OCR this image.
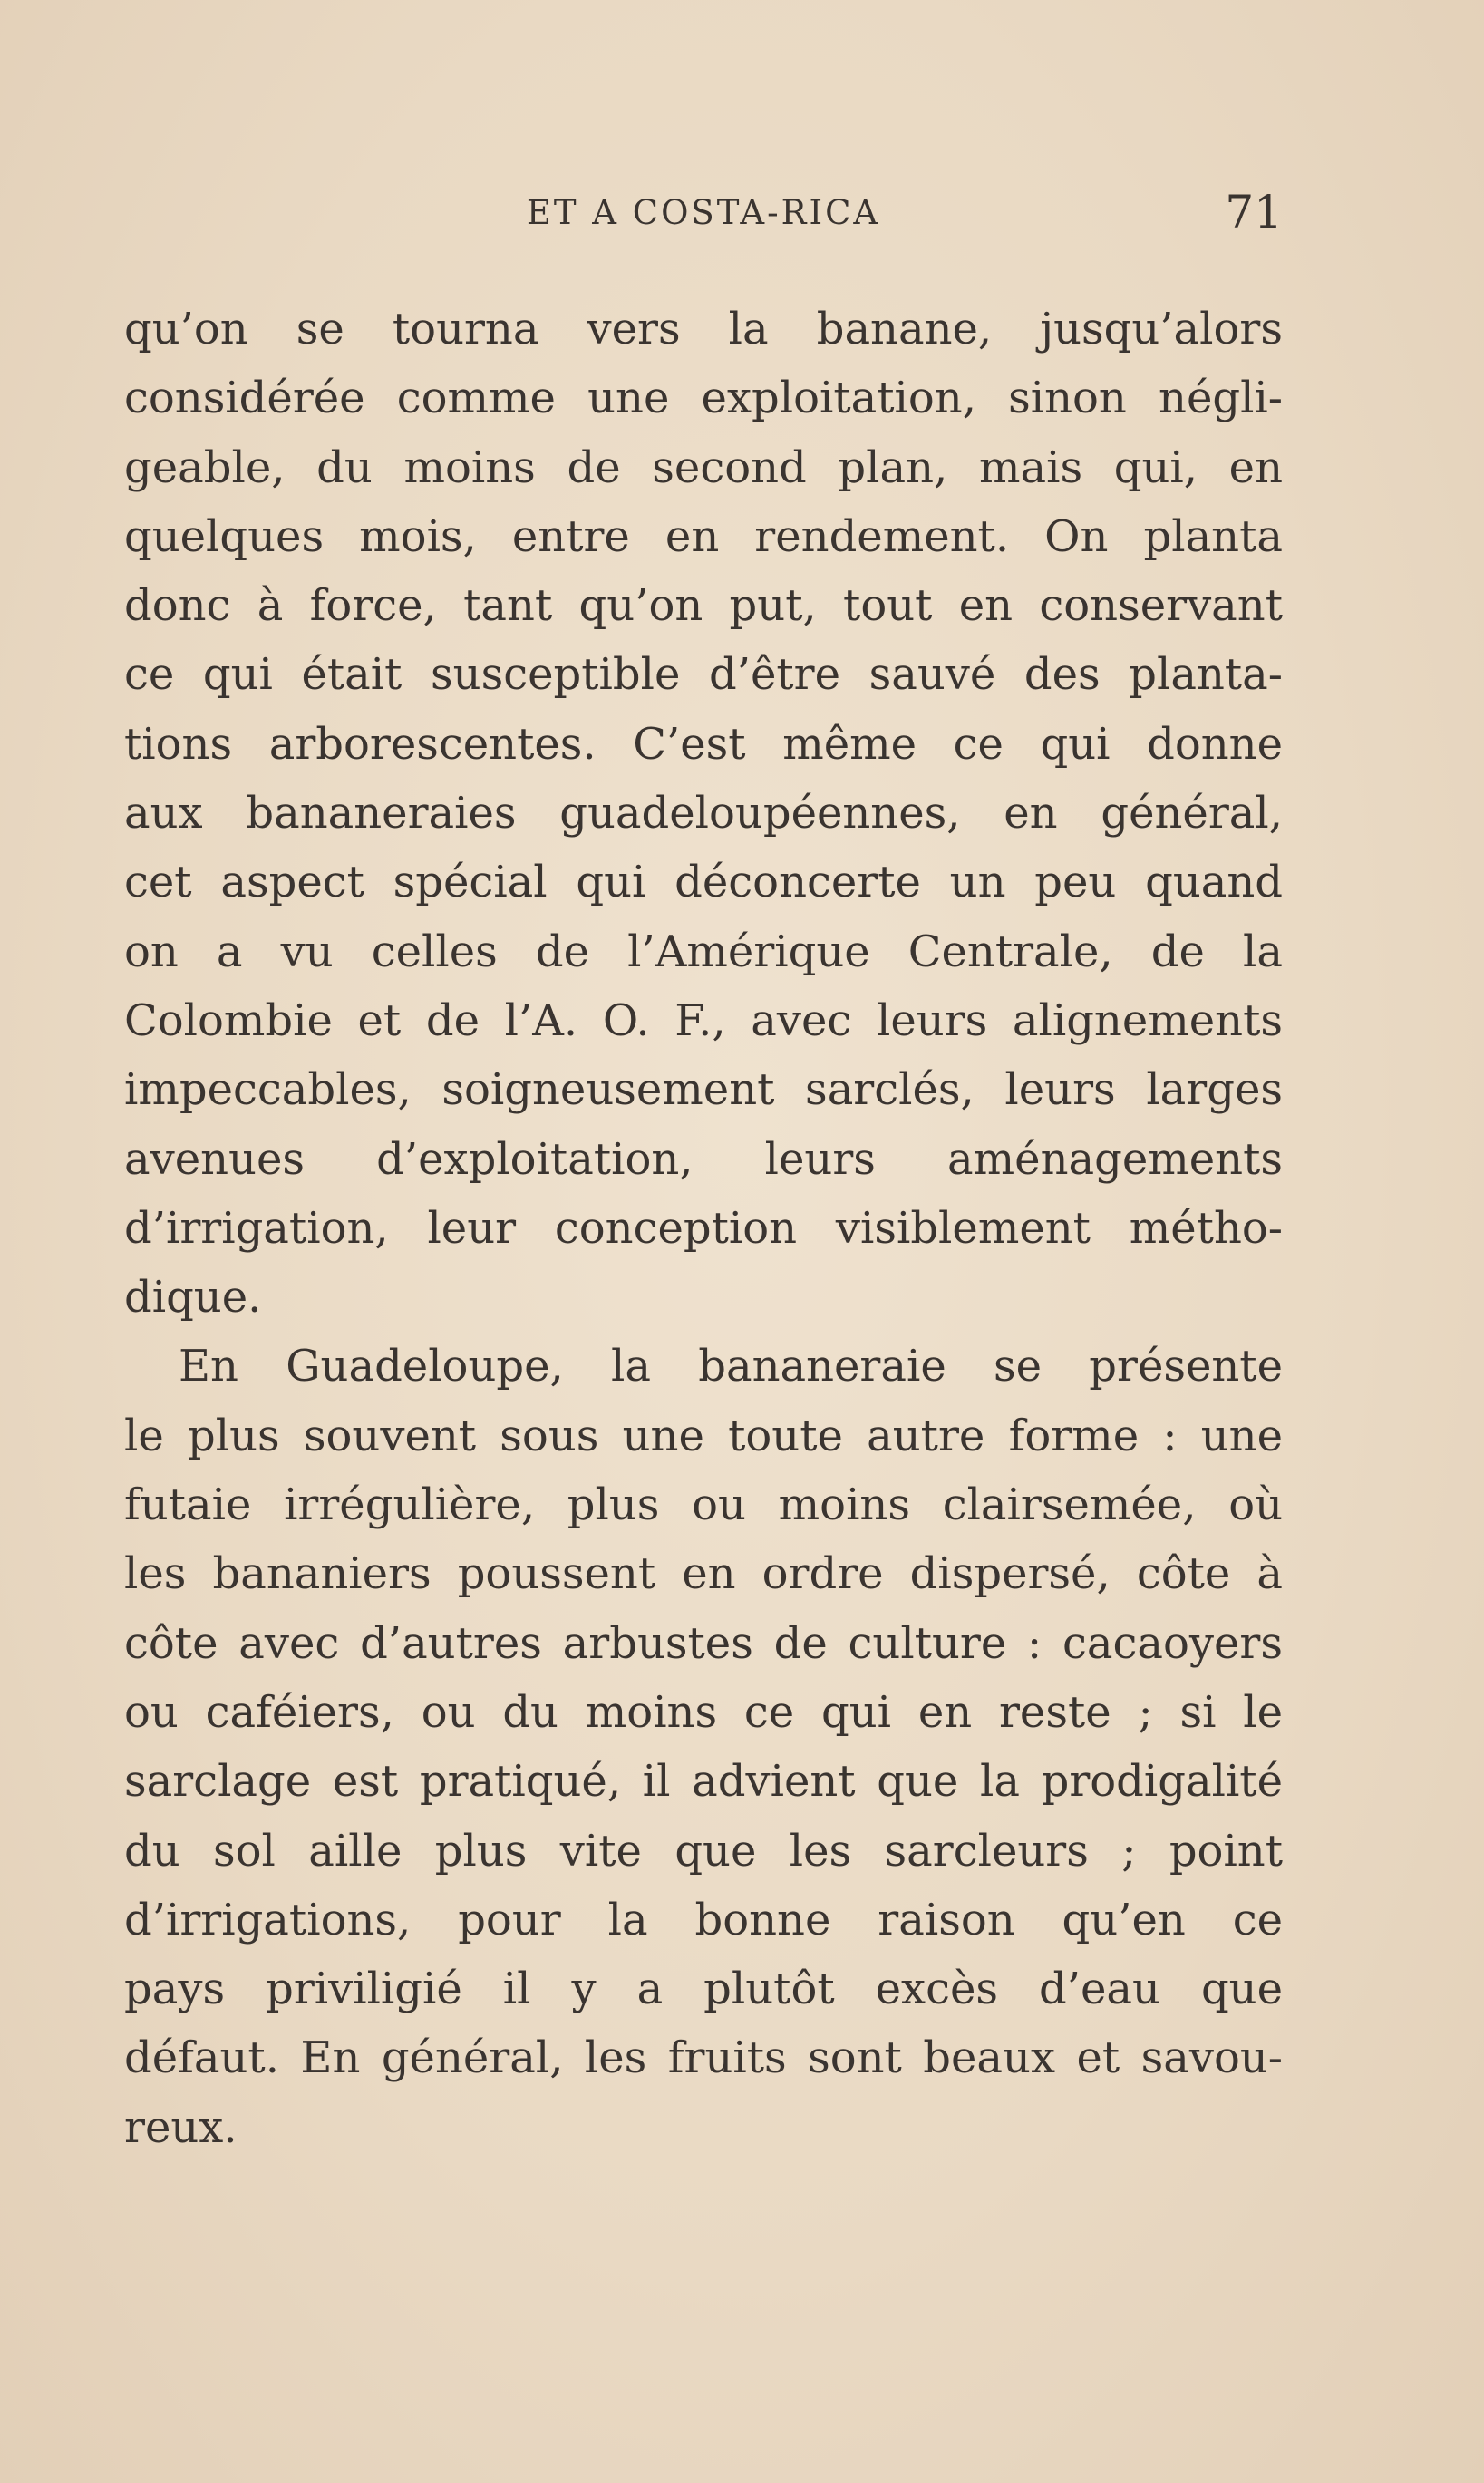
ET A COSTA-RICA	71
qu’on se tourna vers la banane, jusqu’alors
considérée comme une exploitation, sinon négli-
geable, du moins de second plan, mais qui, en
quelques mois, entre en rendement. On planta
donc à force, tant qu’on put, tout en conservant
ce qui était susceptible d’être sauvé des planta-
tions arborescentes. C’est même ce qui donne
aux bananeraies guadeloupéennes, en général,
cet aspect spécial qui déconcerte un peu quand
on a vu celles de l’Amérique Centrale, de la
Colombie et de l’A. O. F., avec leurs alignements
impeccables, soigneusement sarclés, leurs larges
avenues d’exploitation, leurs aménagements
d’irrigation, leur conception visiblement métho-
dique.
En Guadeloupe, la bananeraie se présente
le plus souvent sous une toute autre forme : une
futaie irrégulière, plus ou moins clairsemée, où
les bananiers poussent en ordre dispersé, côte à
côte avec d’autres arbustes de culture : cacaoyers
ou caféiers, ou du moins ce qui en reste ; si le
sarclage est pratiqué, il advient que la prodigalité
du sol aille plus vite que les sarcleurs ; point
d’irrigations, pour la bonne raison qu’en ce
pays priviligié il y a plutôt excès d’eau que
défaut. En général, les fruits sont beaux et savou-
reux.
